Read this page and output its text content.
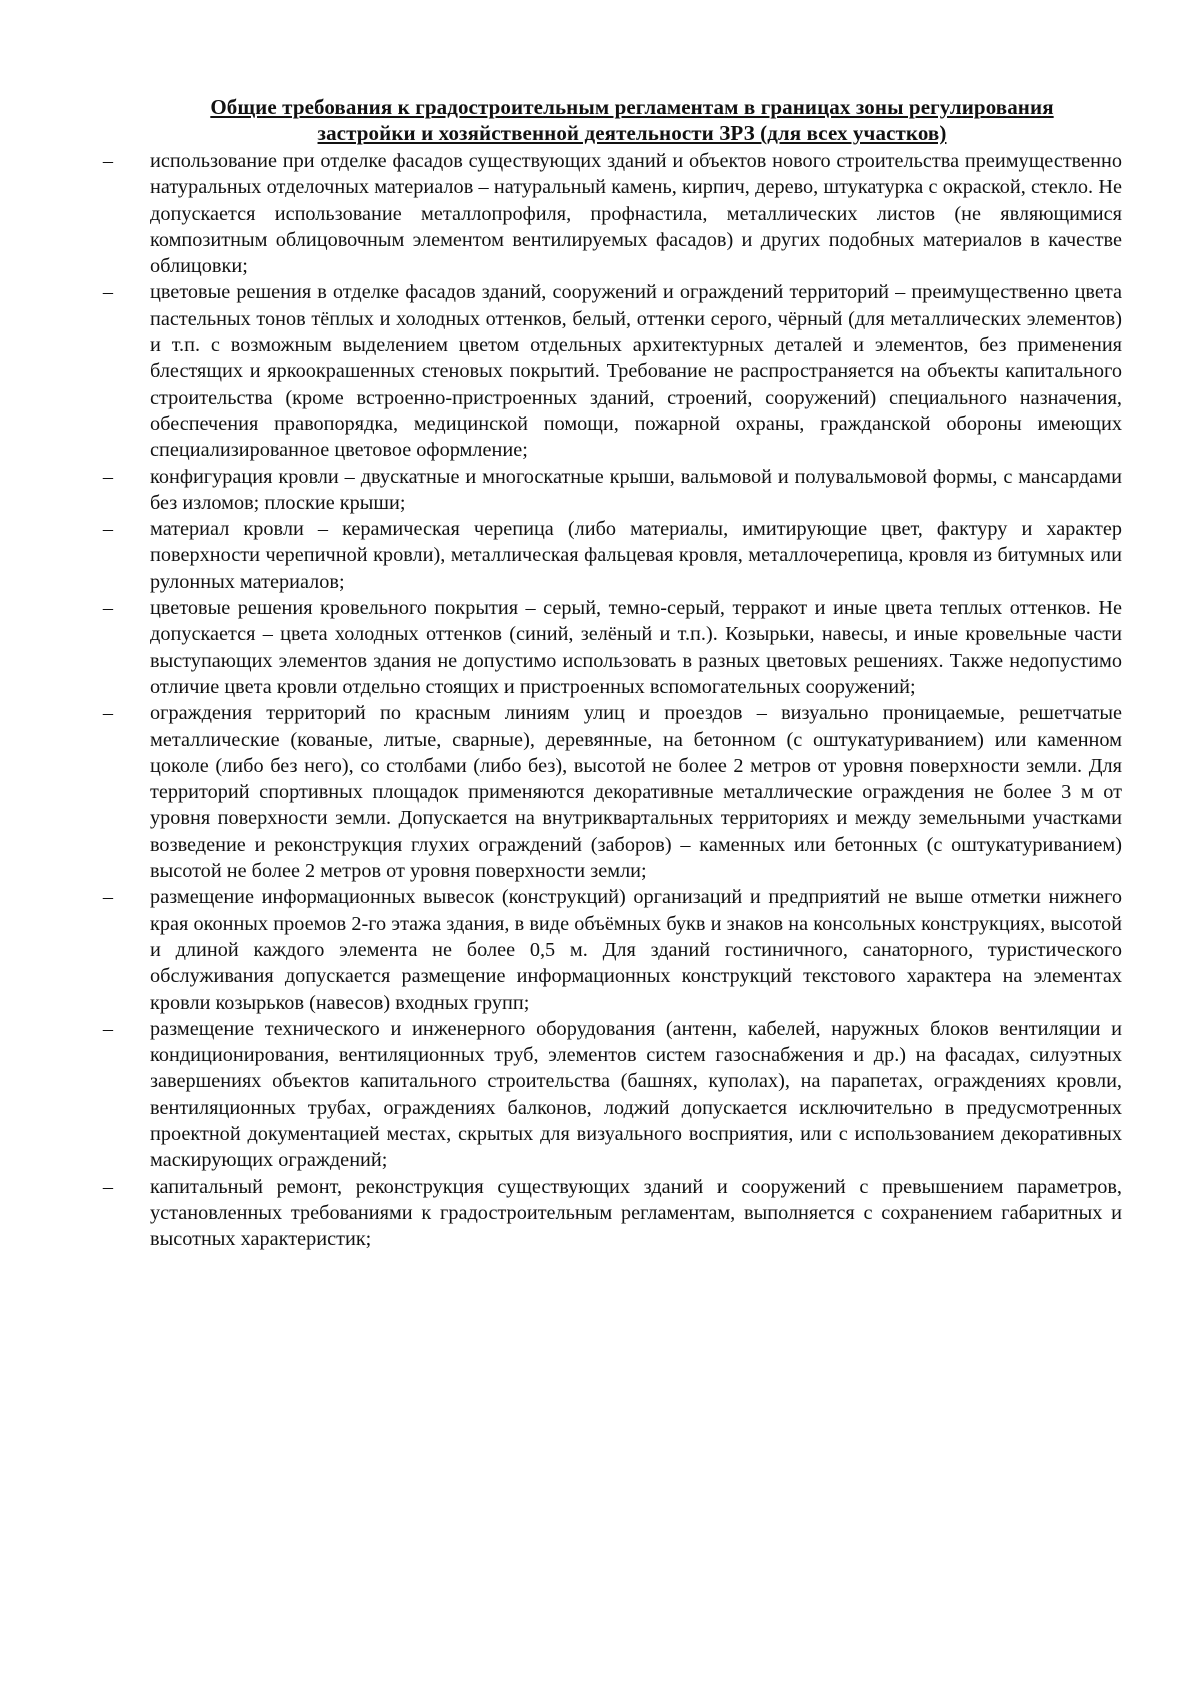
Общие требования к градостроительным регламентам в границах зоны регулирования
застройки и хозяйственной деятельности ЗРЗ (для всех участков)
– использование при отделке фасадов существующих зданий и объектов нового строительства преимущественно натуральных отделочных материалов – натуральный камень, кирпич, дерево, штукатурка с окраской, стекло. Не допускается использование металлопрофиля, профнастила, металлических листов (не являющимися композитным облицовочным элементом вентилируемых фасадов) и других подобных материалов в качестве облицовки;
– цветовые решения в отделке фасадов зданий, сооружений и ограждений территорий – преимущественно цвета пастельных тонов тёплых и холодных оттенков, белый, оттенки серого, чёрный (для металлических элементов) и т.п. с возможным выделением цветом отдельных архитектурных деталей и элементов, без применения блестящих и яркоокрашенных стеновых покрытий. Требование не распространяется на объекты капитального строительства (кроме встроенно-пристроенных зданий, строений, сооружений) специального назначения, обеспечения правопорядка, медицинской помощи, пожарной охраны, гражданской обороны имеющих специализированное цветовое оформление;
– конфигурация кровли – двускатные и многоскатные крыши, вальмовой и полувальмовой формы, с мансардами без изломов; плоские крыши;
– материал кровли – керамическая черепица (либо материалы, имитирующие цвет, фактуру и характер поверхности черепичной кровли), металлическая фальцевая кровля, металлочерепица, кровля из битумных или рулонных материалов;
– цветовые решения кровельного покрытия – серый, темно-серый, терракот и иные цвета теплых оттенков. Не допускается – цвета холодных оттенков (синий, зелёный и т.п.). Козырьки, навесы, и иные кровельные части выступающих элементов здания не допустимо использовать в разных цветовых решениях. Также недопустимо отличие цвета кровли отдельно стоящих и пристроенных вспомогательных сооружений;
– ограждения территорий по красным линиям улиц и проездов – визуально проницаемые, решетчатые металлические (кованые, литые, сварные), деревянные, на бетонном (с оштукатуриванием) или каменном цоколе (либо без него), со столбами (либо без), высотой не более 2 метров от уровня поверхности земли. Для территорий спортивных площадок применяются декоративные металлические ограждения не более 3 м от уровня поверхности земли. Допускается на внутриквартальных территориях и между земельными участками возведение и реконструкция глухих ограждений (заборов) – каменных или бетонных (с оштукатуриванием) высотой не более 2 метров от уровня поверхности земли;
– размещение информационных вывесок (конструкций) организаций и предприятий не выше отметки нижнего края оконных проемов 2-го этажа здания, в виде объёмных букв и знаков на консольных конструкциях, высотой и длиной каждого элемента не более 0,5 м. Для зданий гостиничного, санаторного, туристического обслуживания допускается размещение информационных конструкций текстового характера на элементах кровли козырьков (навесов) входных групп;
– размещение технического и инженерного оборудования (антенн, кабелей, наружных блоков вентиляции и кондиционирования, вентиляционных труб, элементов систем газоснабжения и др.) на фасадах, силуэтных завершениях объектов капитального строительства (башнях, куполах), на парапетах, ограждениях кровли, вентиляционных трубах, ограждениях балконов, лоджий допускается исключительно в предусмотренных проектной документацией местах, скрытых для визуального восприятия, или с использованием декоративных маскирующих ограждений;
– капитальный ремонт, реконструкция существующих зданий и сооружений с превышением параметров, установленных требованиями к градостроительным регламентам, выполняется с сохранением габаритных и высотных характеристик;
